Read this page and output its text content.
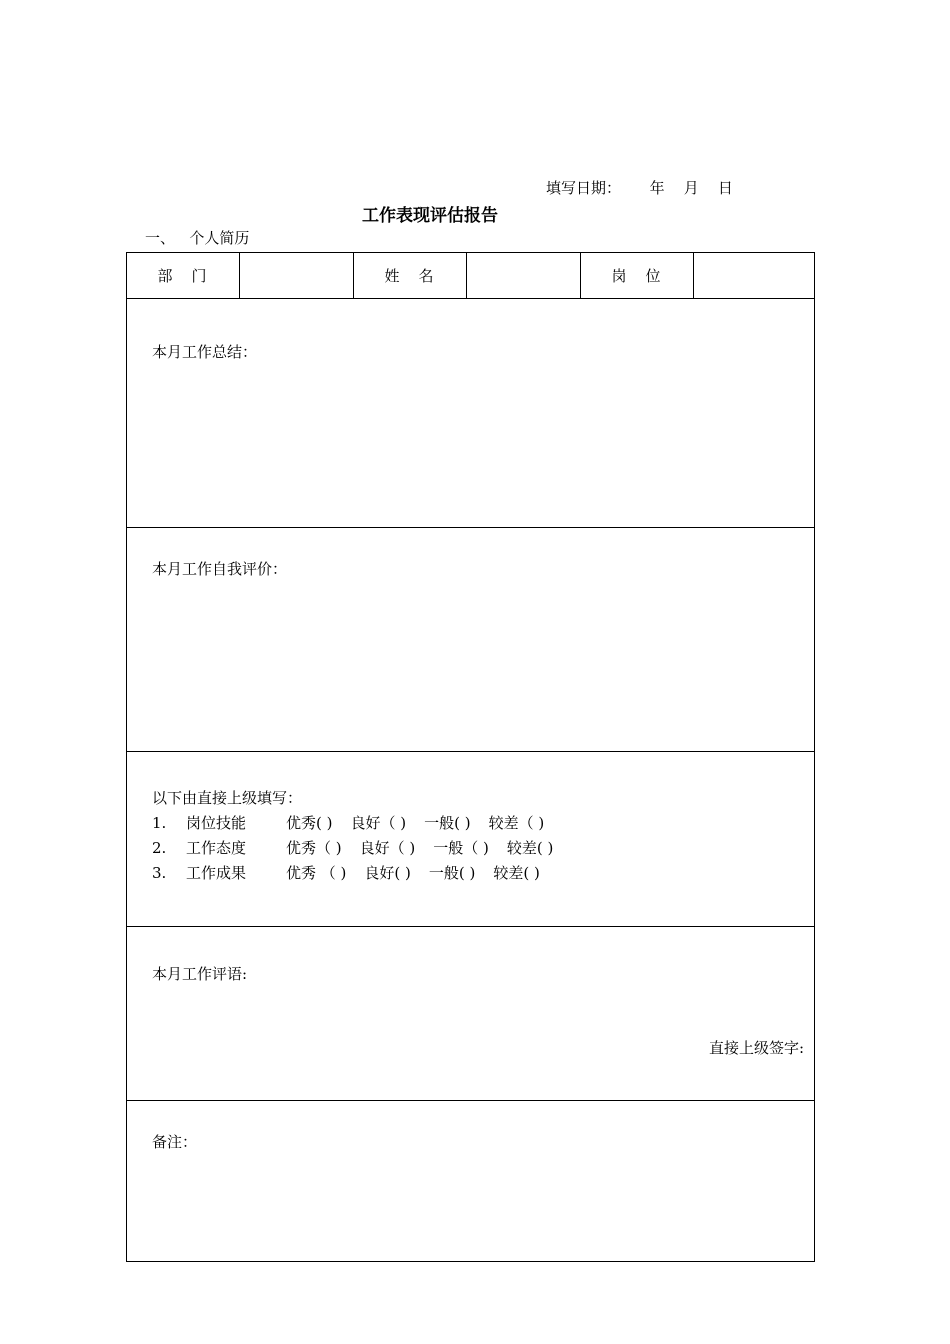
填写日期： 年 月 日
工作表现评估报告
一、 个人简历
部　门	姓　名	岗　位
本月工作总结：
本月工作自我评价：
以下由直接上级填写：
1.	岗位技能	优秀( ) 良好（ ) 一般( ) 较差（ )
2.	工作态度	优秀（ ) 良好（ ) 一般（ ) 较差( )
3.	工作成果	优秀 （ ) 良好( ) 一般( ) 较差( )
本月工作评语:
直接上级签字:
备注：
